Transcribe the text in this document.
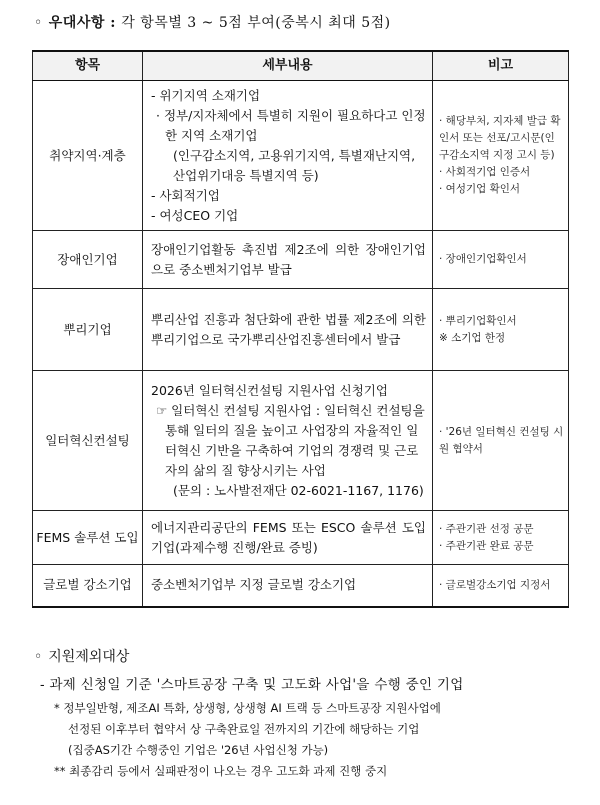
◦ 우대사항 : 각 항목별 3 ~ 5점 부여(중복시 최대 5점)
항목	세부내용	비고
취약지역·계층	- 위기지역 소재기업
· 정부/지자체에서 특별히 지원이 필요하다고 인정한 지역 소재기업
(인구감소지역, 고용위기지역, 특별재난지역, 산업위기대응 특별지역 등)
- 사회적기업
- 여성CEO 기업	· 해당부처, 지자체 발급 확인서 또는 선포/고시문(인구감소지역 지정 고시 등)
· 사회적기업 인증서
· 여성기업 확인서

장애인기업	장애인기업활동 촉진법 제2조에 의한 장애인기업으로 중소벤처기업부 발급	· 장애인기업확인서

뿌리기업	뿌리산업 진흥과 첨단화에 관한 법률 제2조에 의한 뿌리기업으로 국가뿌리산업진흥센터에서 발급	· 뿌리기업확인서
※ 소기업 한정

일터혁신컨설팅	2026년 일터혁신컨설팅 지원사업 신청기업
☞ 일터혁신 컨설팅 지원사업 : 일터혁신 컨설팅을 통해 일터의 질을 높이고 사업장의 자율적인 일터혁신 기반을 구축하여 기업의 경쟁력 및 근로자의 삶의 질 향상시키는 사업
(문의 : 노사발전재단 02-6021-1167, 1176)	· '26년 일터혁신 컨설팅 시원 협약서

FEMS 솔루션 도입	에너지관리공단의 FEMS 또는 ESCO 솔루션 도입기업(과제수행 진행/완료 증빙)	· 주관기관 선정 공문
· 주관기관 완료 공문

글로벌 강소기업	중소벤처기업부 지정 글로벌 강소기업	· 글로벌강소기업 지정서
◦ 지원제외대상
- 과제 신청일 기준 '스마트공장 구축 및 고도화 사업'을 수행 중인 기업
* 정부일반형, 제조AI 특화, 상생형, 상생형 AI 트랙 등 스마트공장 지원사업에
선정된 이후부터 협약서 상 구축완료일 전까지의 기간에 해당하는 기업
(집중AS기간 수행중인 기업은 '26년 사업신청 가능)
** 최종감리 등에서 실패판정이 나오는 경우 고도화 과제 진행 중지
